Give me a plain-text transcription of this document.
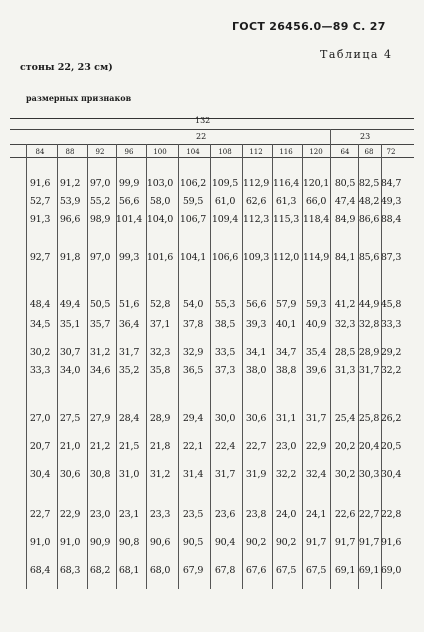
ГОСТ 26456.0—89 С. 27
Таблица 4
стоны 22, 23 см)
размерных признаков
132
22	23
84	88	92	96	100	104	108	112	116	120	64	68	72
91,6	91,2	97,0 99,9 103,0 106,2 109,5 112,9 116,4 120,1 80,5 82,5 84,7
52,7	53,9	55,2 56,6	58,0	59,5	61,0	62,6	61,3	66,0 47,4 48,2 49,3
91,3	96,6	98,9 101,4 104,0 106,7 109,4 112,3 115,3 118,4 84,9 86,6 88,4
92,7	91,8	97,0 99,3 101,6 104,1 106,6 109,3 112,0 114,9 84,1 85,6 87,3
48,4	49,4	50,5 51,6	52,8	54,0	55,3	56,6	57,9	59,3 41,2 44,9 45,8
34,5	35,1	35,7 36,4	37,1	37,8	38,5	39,3	40,1	40,9 32,3 32,8 33,3
30,2	30,7	31,2 31,7	32,3	32,9	33,5	34,1	34,7	35,4 28,5 28,9 29,2
33,3	34,0	34,6 35,2	35,8	36,5	37,3	38,0	38,8	39,6 31,3 31,7 32,2
27,0	27,5	27,9 28,4	28,9	29,4	30,0	30,6	31,1	31,7 25,4 25,8 26,2
20,7	21,0	21,2 21,5	21,8	22,1	22,4	22,7	23,0	22,9 20,2 20,4 20,5
30,4	30,6	30,8 31,0	31,2	31,4	31,7	31,9	32,2	32,4 30,2 30,3 30,4
22,7	22,9	23,0 23,1	23,3	23,5	23,6	23,8	24,0	24,1 22,6 22,7 22,8
91,0	91,0	90,9 90,8	90,6	90,5	90,4	90,2	90,2	91,7 91,7 91,7 91,6
68,4	68,3	68,2 68,1	68,0	67,9	67,8	67,6	67,5	67,5 69,1 69,1 69,0
